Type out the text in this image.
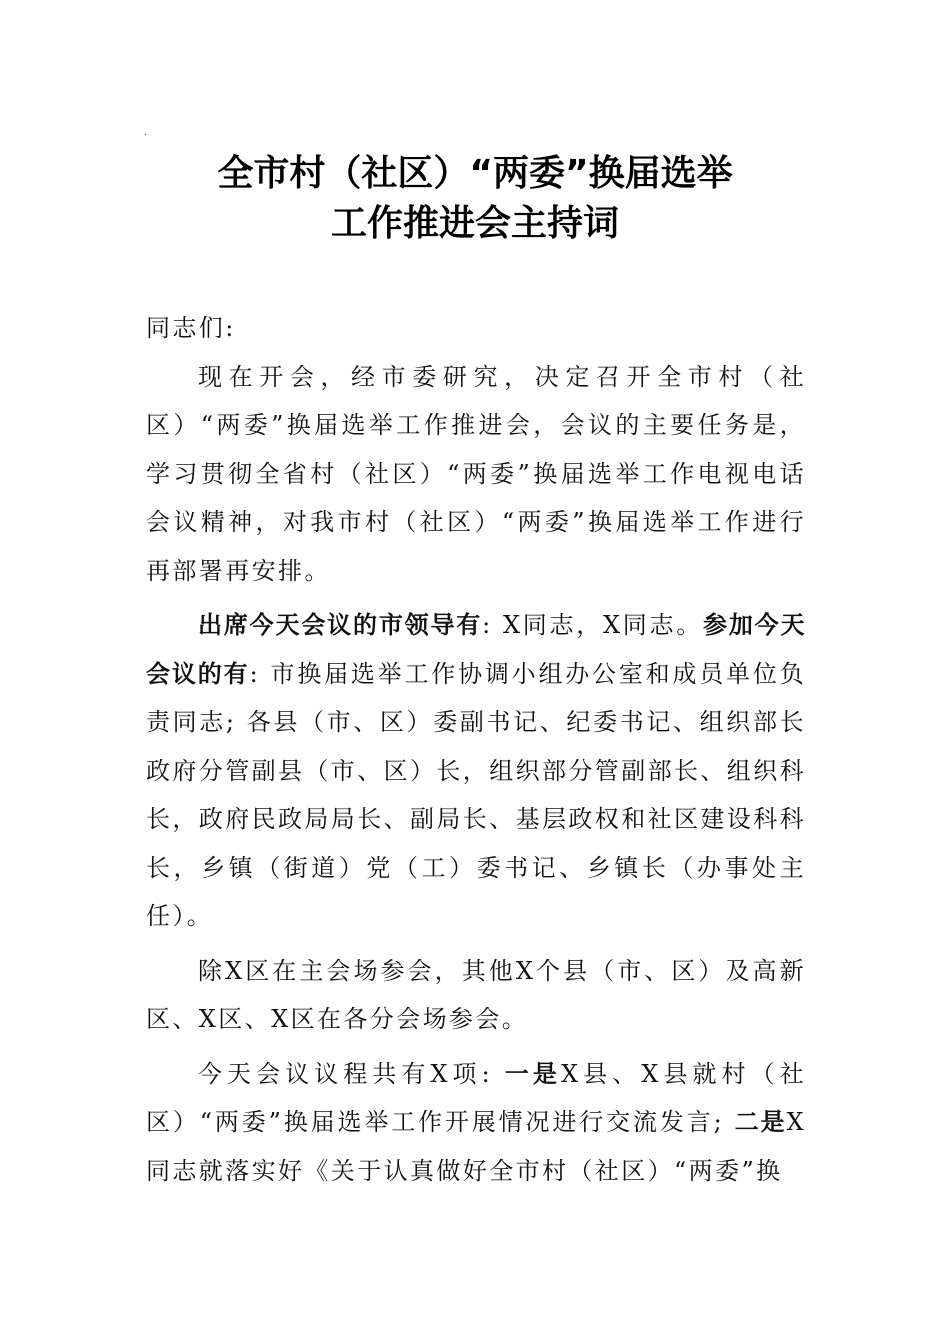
.
全市村（社区）“两委”换届选举
工作推进会主持词

同志们:

现在开会，经市委研究，决定召开全市村（社区）“两委”换届选举工作推进会，会议的主要任务是，学习贯彻全省村（社区）“两委”换届选举工作电视电话会议精神，对我市村（社区）“两委”换届选举工作进行再部署再安排。

出席今天会议的市领导有: X同志，X同志。参加今天会议的有: 市换届选举工作协调小组办公室和成员单位负责同志; 各县（市、区）委副书记、纪委书记、组织部长政府分管副县（市、区）长，组织部分管副部长、组织科长，政府民政局局长、副局长、基层政权和社区建设科科长，乡镇（街道）党（工）委书记、乡镇长（办事处主任）。

除X区在主会场参会，其他X个县（市、区）及高新区、X区、X区在各分会场参会。

今天会议议程共有X项: 一是X县、X县就村（社区）“两委”换届选举工作开展情况进行交流发言; 二是X同志就落实好《关于认真做好全市村（社区）“两委”换
